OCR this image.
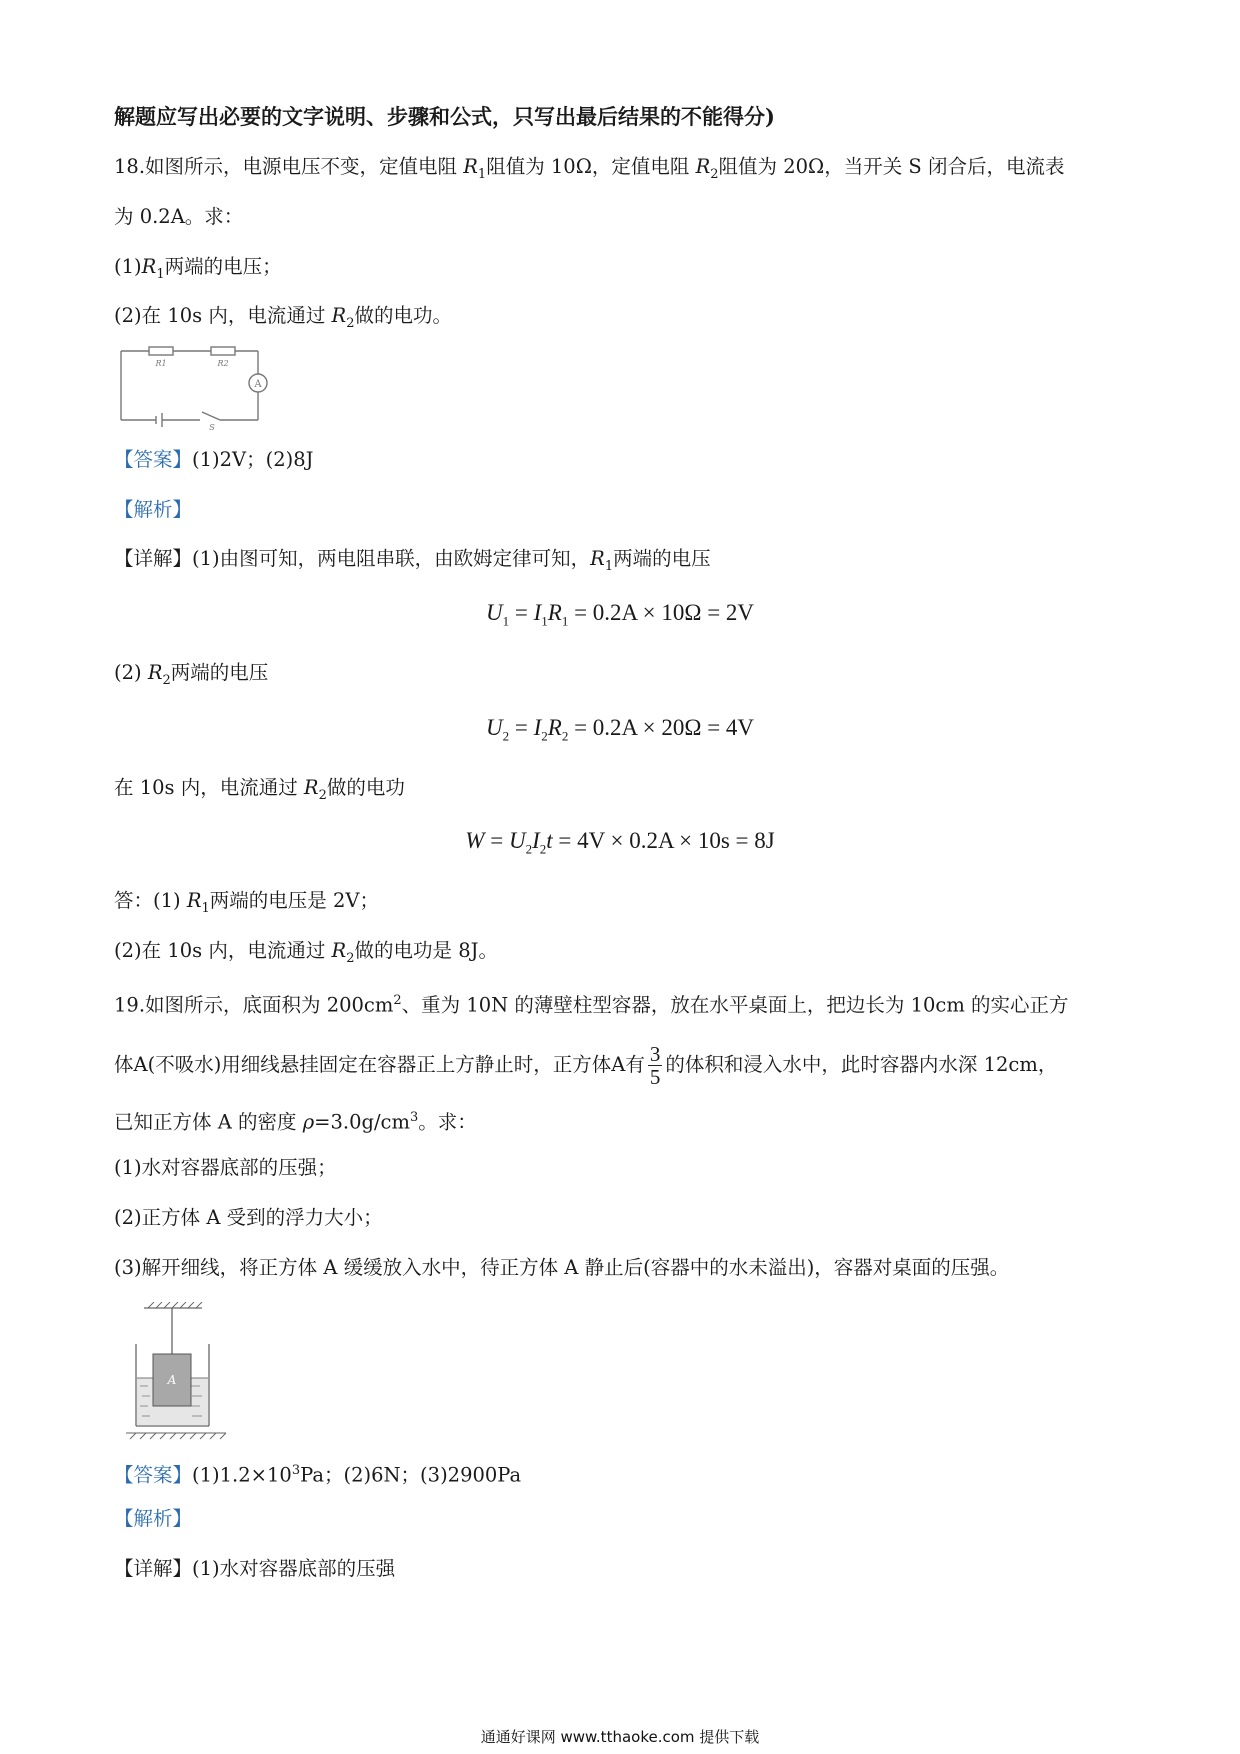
解题应写出必要的文字说明、步骤和公式，只写出最后结果的不能得分)
18.如图所示，电源电压不变，定值电阻 $R_1$阻值为 10Ω，定值电阻 $R_2$阻值为 20Ω，当开关 S 闭合后，电流表
为 0.2A。求：
$(1)R_1$两端的电压；
(2)在 10s 内，电流通过 $R_2$做的电功。
R1	R2
A
S
【答案】(1)2V；(2)8J
【解析】
【详解】(1)由图可知，两电阻串联，由欧姆定律可知，$R_1$两端的电压
$U_1 = I_1R_1 = 0.2A \times 10\Omega = 2V$
(2) $R_2$两端的电压
$U_2 = I_2R_2 = 0.2A \times 20\Omega = 4V$
在 10s 内，电流通过 $R_2$做的电功
$W = U_2I_2t = 4V \times 0.2A \times 10s = 8J$
答：(1) $R_1$两端的电压是 2V；
(2)在 10s 内，电流通过 $R_2$做的电功是 8J。
19.如图所示，底面积为 $200cm^2$、重为 10N 的薄壁柱型容器，放在水平桌面上，把边长为 10cm 的实心正方
体A(不吸水)用细线悬挂固定在容器正上方静止时，正方体A有 $\frac{3}{5}$ 的体积和浸入水中，此时容器内水深 12cm，
已知正方体 A 的密度 $\rho=3.0g/cm^3$。求：
(1)水对容器底部的压强；
(2)正方体 A 受到的浮力大小；
(3)解开细线，将正方体 A 缓缓放入水中，待正方体 A 静止后(容器中的水未溢出)，容器对桌面的压强。
A
【答案】$(1)1.2\times 10^3Pa$；(2)6N；(3)2900Pa
【解析】
【详解】(1)水对容器底部的压强
通通好课网 www.tthaoke.com 提供下载
